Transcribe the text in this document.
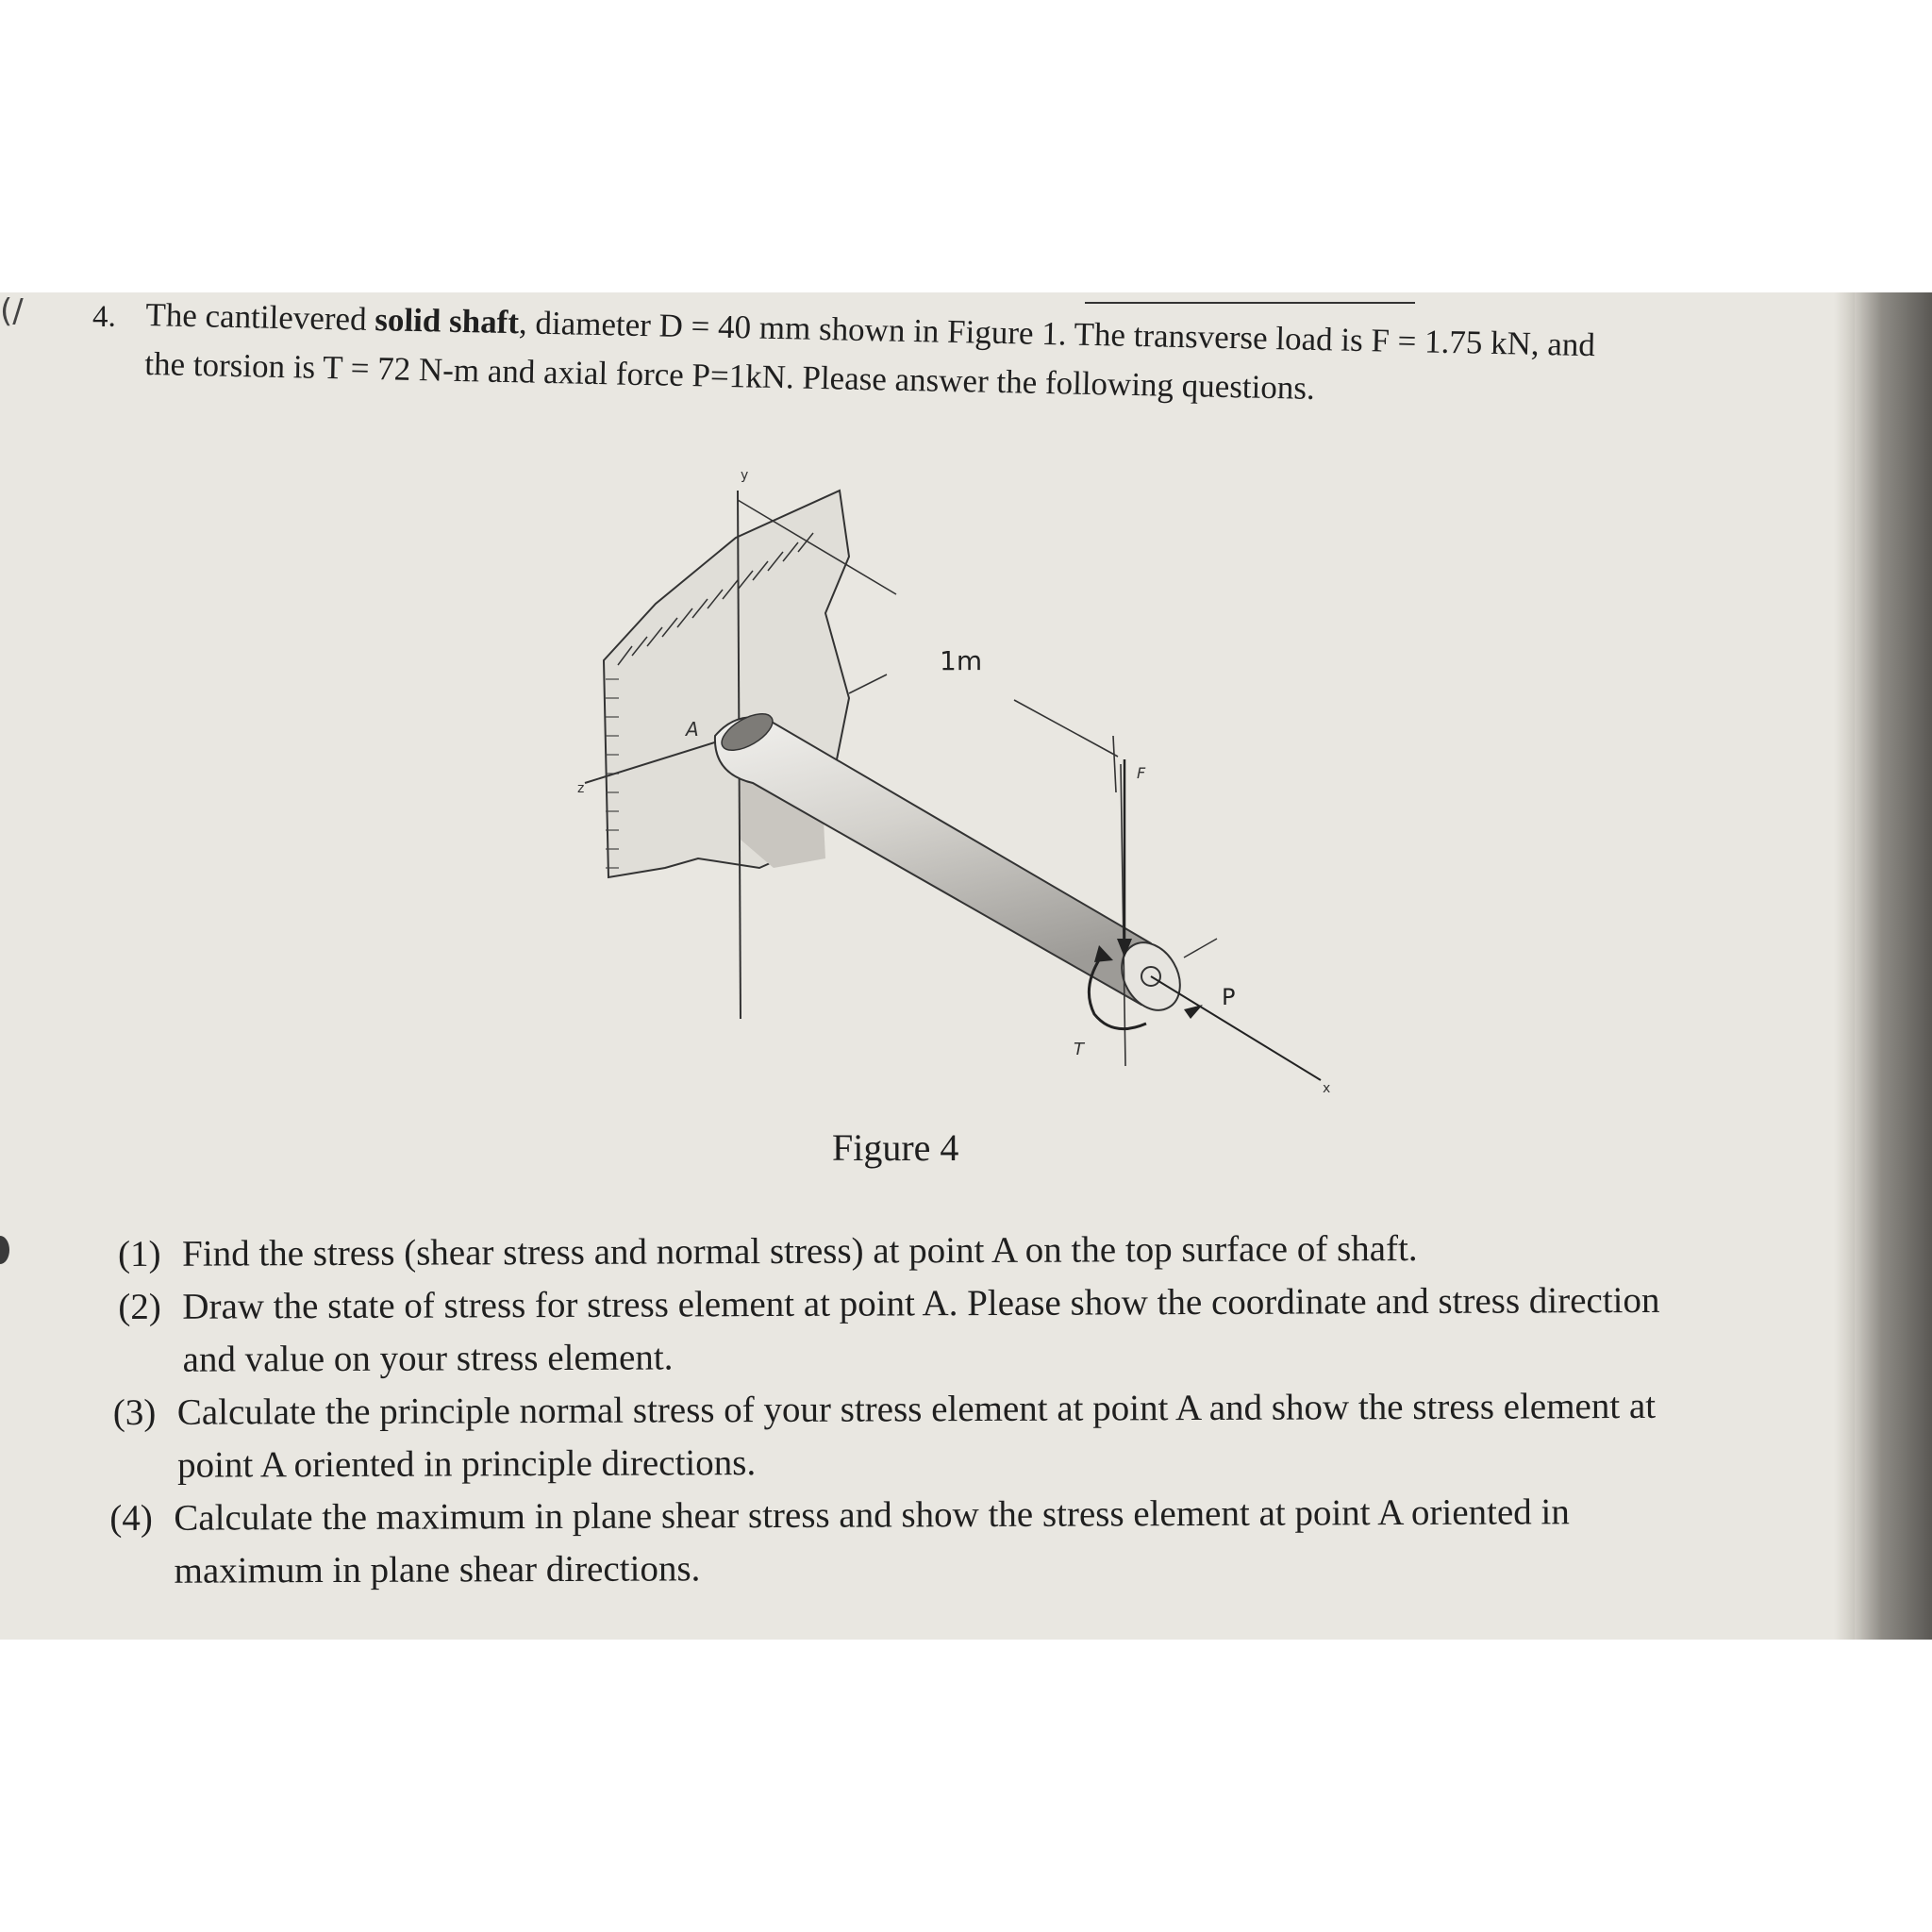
(/ 4. The cantilevered solid shaft, diameter D = 40 mm shown in Figure 1. The transverse load is F = 1.75 kN, and the torsion is T = 72 N-m and axial force P=1kN. Please answer the following questions.
y
z
1m
A
F
T
P
x
Figure 4
(1) Find the stress (shear stress and normal stress) at point A on the top surface of shaft.
(2) Draw the state of stress for stress element at point A. Please show the coordinate and stress direction and value on your stress element.
(3) Calculate the principle normal stress of your stress element at point A and show the stress element at point A oriented in principle directions.
(4) Calculate the maximum in plane shear stress and show the stress element at point A oriented in maximum in plane shear directions.
